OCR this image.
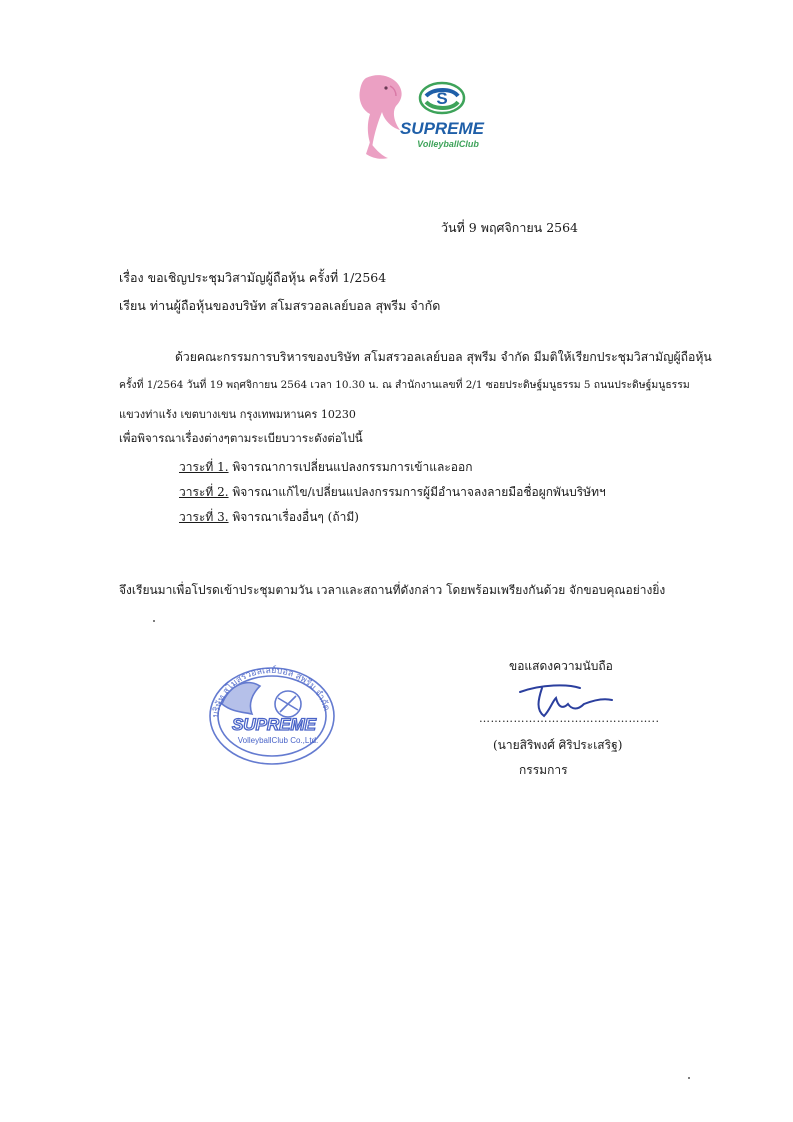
S
SUPREME
VolleyballClub
วันที่ 9 พฤศจิกายน 2564
เรื่อง ขอเชิญประชุมวิสามัญผู้ถือหุ้น ครั้งที่ 1/2564
เรียน ท่านผู้ถือหุ้นของบริษัท สโมสรวอลเลย์บอล สุพรีม จำกัด
ด้วยคณะกรรมการบริหารของบริษัท สโมสรวอลเลย์บอล สุพรีม จำกัด มีมติให้เรียกประชุมวิสามัญผู้ถือหุ้น
ครั้งที่ 1/2564 วันที่ 19 พฤศจิกายน 2564 เวลา 10.30 น. ณ สำนักงานเลขที่ 2/1 ซอยประดิษฐ์มนูธรรม 5 ถนนประดิษฐ์มนูธรรม
แขวงท่าแร้ง เขตบางเขน กรุงเทพมหานคร 10230
เพื่อพิจารณาเรื่องต่างๆตามระเบียบวาระดังต่อไปนี้
วาระที่ 1. พิจารณาการเปลี่ยนแปลงกรรมการเข้าและออก
วาระที่ 2. พิจารณาแก้ไข/เปลี่ยนแปลงกรรมการผู้มีอำนาจลงลายมือชื่อผูกพันบริษัทฯ
วาระที่ 3. พิจารณาเรื่องอื่นๆ (ถ้ามี)
จึงเรียนมาเพื่อโปรดเข้าประชุมตามวัน เวลาและสถานที่ดังกล่าว โดยพร้อมเพรียงกันด้วย จักขอบคุณอย่างยิ่ง
บริษัท สโมสรวอลเลย์บอล สุพรีม จำกัด
SUPREME
VolleyballClub Co.,Ltd.
ขอแสดงความนับถือ
………………………………………..
(นายสิริพงศ์ ศิริประเสริฐ)
กรรมการ
